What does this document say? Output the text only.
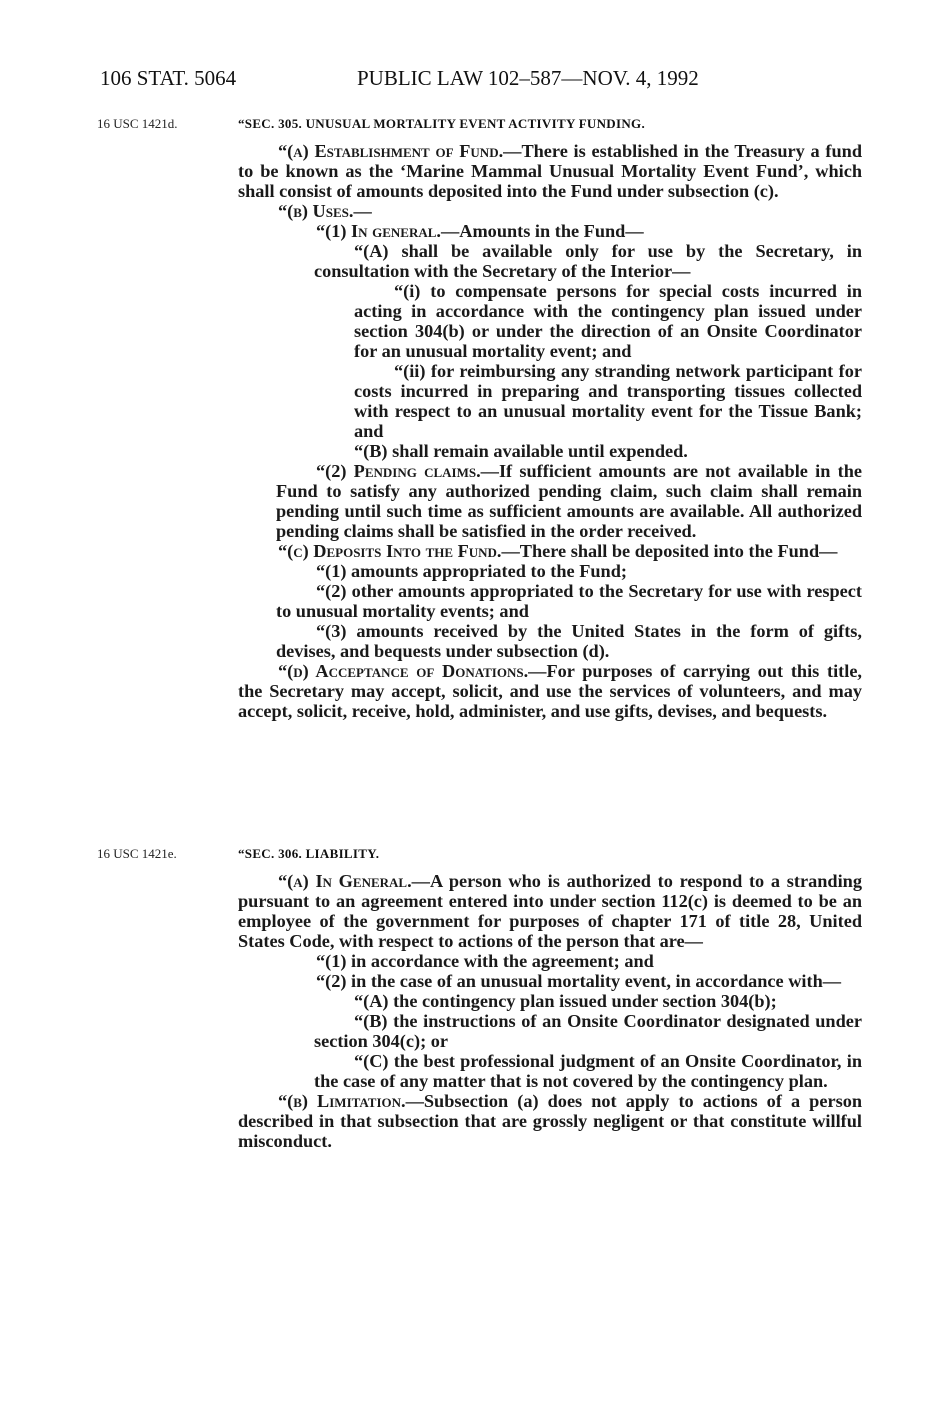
106 STAT. 5064	PUBLIC LAW 102–587—NOV. 4, 1992
16 USC 1421d.	“SEC. 305. UNUSUAL MORTALITY EVENT ACTIVITY FUNDING.

“(a) Establishment of Fund.—There is established in the Treasury a fund to be known as the ‘Marine Mammal Unusual Mortality Event Fund’, which shall consist of amounts deposited into the Fund under subsection (c).

“(b) Uses.—

“(1) In general.—Amounts in the Fund—

“(A) shall be available only for use by the Secretary, in consultation with the Secretary of the Interior—

“(i) to compensate persons for special costs incurred in acting in accordance with the contingency plan issued under section 304(b) or under the direction of an Onsite Coordinator for an unusual mortality event; and

“(ii) for reimbursing any stranding network participant for costs incurred in preparing and transporting tissues collected with respect to an unusual mortality event for the Tissue Bank; and

“(B) shall remain available until expended.

“(2) Pending claims.—If sufficient amounts are not available in the Fund to satisfy any authorized pending claim, such claim shall remain pending until such time as sufficient amounts are available. All authorized pending claims shall be satisfied in the order received.

“(c) Deposits Into the Fund.—There shall be deposited into the Fund—

“(1) amounts appropriated to the Fund;

“(2) other amounts appropriated to the Secretary for use with respect to unusual mortality events; and

“(3) amounts received by the United States in the form of gifts, devises, and bequests under subsection (d).

“(d) Acceptance of Donations.—For purposes of carrying out this title, the Secretary may accept, solicit, and use the services of volunteers, and may accept, solicit, receive, hold, administer, and use gifts, devises, and bequests.

16 USC 1421e.	“SEC. 306. LIABILITY.

“(a) In General.—A person who is authorized to respond to a stranding pursuant to an agreement entered into under section 112(c) is deemed to be an employee of the government for purposes of chapter 171 of title 28, United States Code, with respect to actions of the person that are—

“(1) in accordance with the agreement; and

“(2) in the case of an unusual mortality event, in accordance with—

“(A) the contingency plan issued under section 304(b);

“(B) the instructions of an Onsite Coordinator designated under section 304(c); or

“(C) the best professional judgment of an Onsite Coordinator, in the case of any matter that is not covered by the contingency plan.

“(b) Limitation.—Subsection (a) does not apply to actions of a person described in that subsection that are grossly negligent or that constitute willful misconduct.
